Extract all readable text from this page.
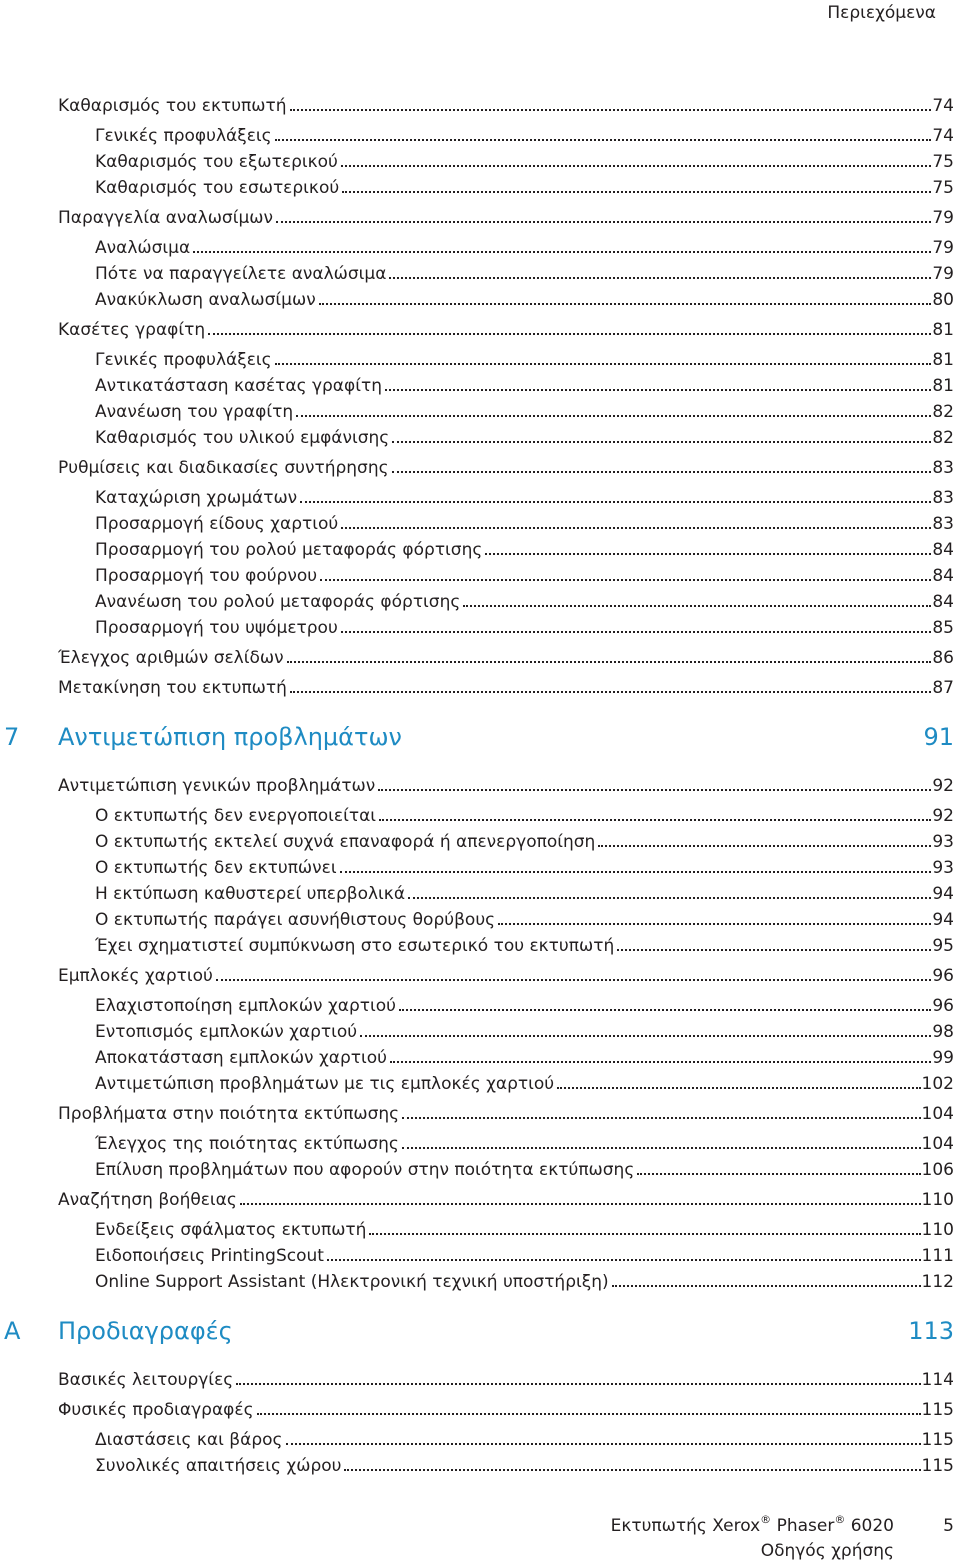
Περιεχόμενα
Καθαρισμός του εκτυπωτή	74
Γενικές προφυλάξεις	74
Καθαρισμός του εξωτερικού	75
Καθαρισμός του εσωτερικού	75
Παραγγελία αναλωσίμων	79
Αναλώσιμα	79
Πότε να παραγγείλετε αναλώσιμα	79
Ανακύκλωση αναλωσίμων	80
Κασέτες γραφίτη	81
Γενικές προφυλάξεις	81
Αντικατάσταση κασέτας γραφίτη	81
Ανανέωση του γραφίτη	82
Καθαρισμός του υλικού εμφάνισης	82
Ρυθμίσεις και διαδικασίες συντήρησης	83
Καταχώριση χρωμάτων	83
Προσαρμογή είδους χαρτιού	83
Προσαρμογή του ρολού μεταφοράς φόρτισης	84
Προσαρμογή του φούρνου	84
Ανανέωση του ρολού μεταφοράς φόρτισης	84
Προσαρμογή του υψόμετρου	85
Έλεγχος αριθμών σελίδων	86
Μετακίνηση του εκτυπωτή	87
7 Αντιμετώπιση προβλημάτων	91
Αντιμετώπιση γενικών προβλημάτων	92
Ο εκτυπωτής δεν ενεργοποιείται	92
Ο εκτυπωτής εκτελεί συχνά επαναφορά ή απενεργοποίηση	93
Ο εκτυπωτής δεν εκτυπώνει	93
Η εκτύπωση καθυστερεί υπερβολικά	94
Ο εκτυπωτής παράγει ασυνήθιστους θορύβους	94
Έχει σχηματιστεί συμπύκνωση στο εσωτερικό του εκτυπωτή	95
Εμπλοκές χαρτιού	96
Ελαχιστοποίηση εμπλοκών χαρτιού	96
Εντοπισμός εμπλοκών χαρτιού	98
Αποκατάσταση εμπλοκών χαρτιού	99
Αντιμετώπιση προβλημάτων με τις εμπλοκές χαρτιού	102
Προβλήματα στην ποιότητα εκτύπωσης	104
Έλεγχος της ποιότητας εκτύπωσης	104
Επίλυση προβλημάτων που αφορούν στην ποιότητα εκτύπωσης	106
Αναζήτηση βοήθειας	110
Ενδείξεις σφάλματος εκτυπωτή	110
Ειδοποιήσεις PrintingScout	111
Online Support Assistant (Ηλεκτρονική τεχνική υποστήριξη)	112
A Προδιαγραφές	113
Βασικές λειτουργίες	114
Φυσικές προδιαγραφές	115
Διαστάσεις και βάρος	115
Συνολικές απαιτήσεις χώρου	115
Εκτυπωτής Xerox® Phaser® 6020
Οδηγός χρήσης
5
